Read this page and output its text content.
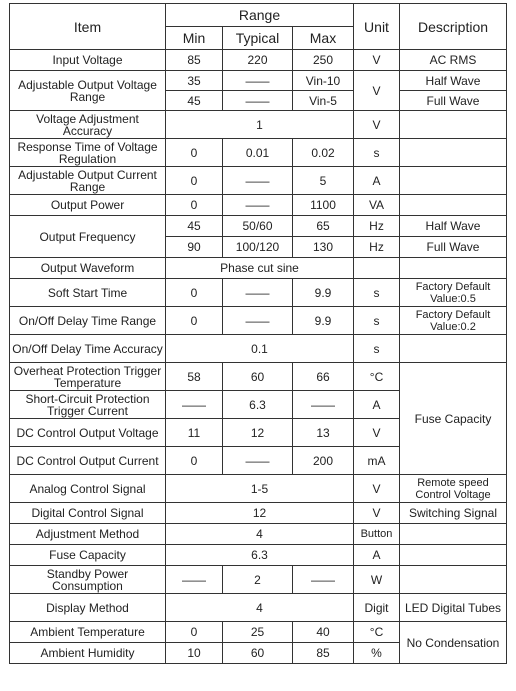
Item	Range			Unit	Description
	Min	Typical	Max		
Input Voltage	85	220	250	V	AC RMS
Adjustable Output Voltage Range	35	——	Vin-10	V	Half Wave
	45	——	Vin-5		Full Wave
Voltage Adjustment Accuracy	1			V	
Response Time of Voltage Regulation	0	0.01	0.02	s	
Adjustable Output Current Range	0	——	5	A	
Output Power	0	——	1100	VA	
Output Frequency	45	50/60	65	Hz	Half Wave
	90	100/120	130	Hz	Full Wave
Output Waveform	Phase cut sine				
Soft Start Time	0	——	9.9	s	Factory Default Value:0.5
On/Off Delay Time Range	0	——	9.9	s	Factory Default Value:0.2
On/Off Delay Time Accuracy	0.1			s	
Overheat Protection Trigger Temperature	58	60	66	°C	Fuse Capacity
Short-Circuit Protection Trigger Current	——	6.3	——	A	
DC Control Output Voltage	11	12	13	V	
DC Control Output Current	0	——	200	mA	
Analog Control Signal	1-5			V	Remote speed Control Voltage
Digital Control Signal	12			V	Switching Signal
Adjustment Method	4			Button	
Fuse Capacity	6.3			A	
Standby Power Consumption	——	2	——	W	
Display Method	4			Digit	LED Digital Tubes
Ambient Temperature	0	25	40	°C	No Condensation
Ambient Humidity	10	60	85	%	
